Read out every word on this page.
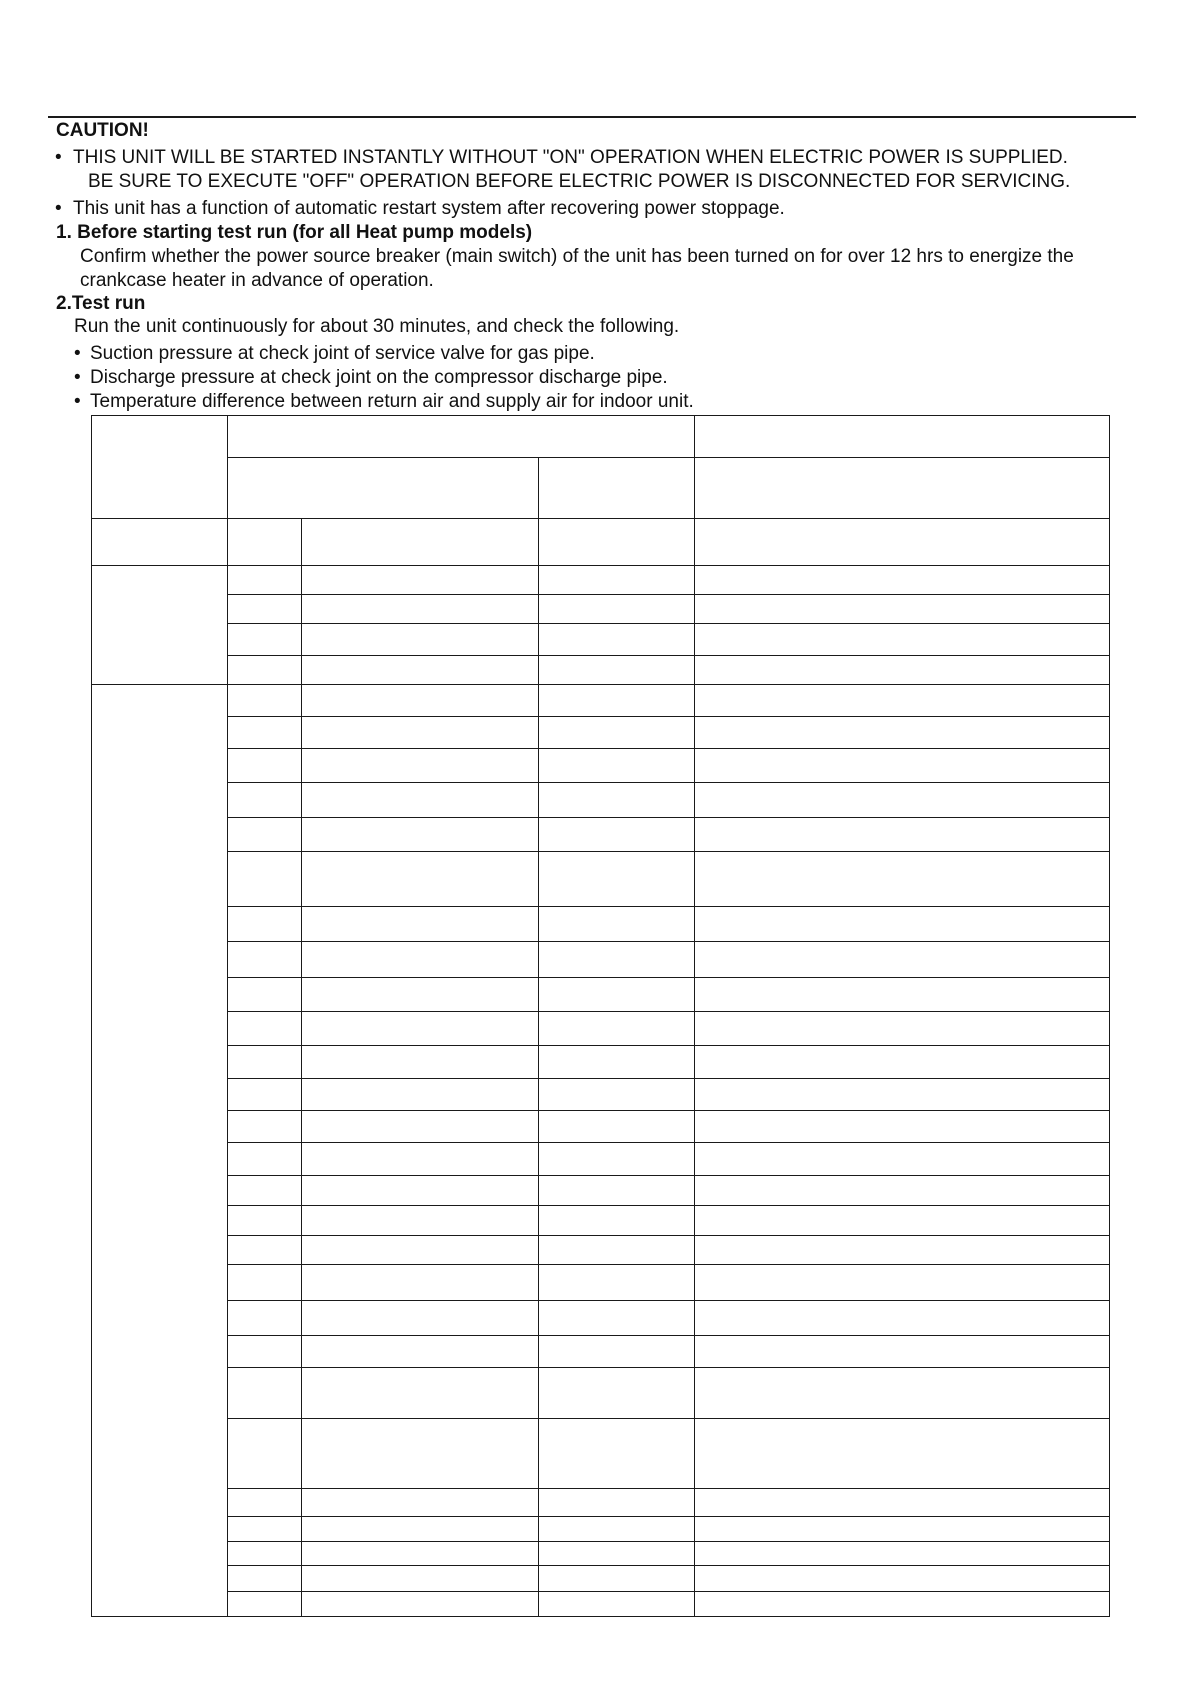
CAUTION!
• THIS UNIT WILL BE STARTED INSTANTLY WITHOUT "ON" OPERATION WHEN ELECTRIC POWER IS SUPPLIED.
BE SURE TO EXECUTE "OFF" OPERATION BEFORE ELECTRIC POWER IS DISCONNECTED FOR SERVICING.
• This unit has a function of automatic restart system after recovering power stoppage.
1. Before starting test run (for all Heat pump models)
Confirm whether the power source breaker (main switch) of the unit has been turned on for over 12 hrs to energize the
crankcase heater in advance of operation.
2.Test run
Run the unit continuously for about 30 minutes, and check the following.
• Suction pressure at check joint of service valve for gas pipe.
• Discharge pressure at check joint on the compressor discharge pipe.
• Temperature difference between return air and supply air for indoor unit.
